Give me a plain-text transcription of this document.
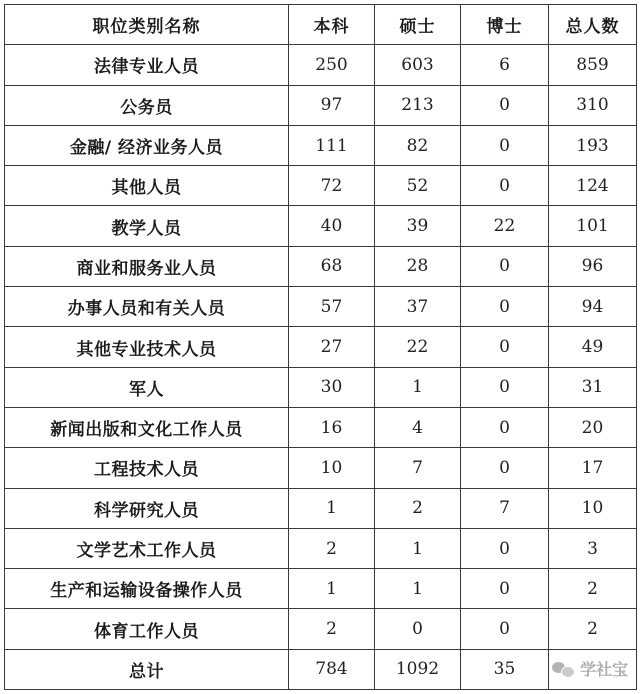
职位类别名称	本科	硕士	博士	总人数
法律专业人员	250	603	6	859
公务员	97	213	0	310
金融/ 经济业务人员	111	82	0	193
其他人员	72	52	0	124
教学人员	40	39	22	101
商业和服务业人员	68	28	0	96
办事人员和有关人员	57	37	0	94
其他专业技术人员	27	22	0	49
军人	30	1	0	31
新闻出版和文化工作人员	16	4	0	20
工程技术人员	10	7	0	17
科学研究人员	1	2	7	10
文学艺术工作人员	2	1	0	3
生产和运输设备操作人员	1	1	0	2
体育工作人员	2	0	0	2
总计	784	1092	35		学社宝
